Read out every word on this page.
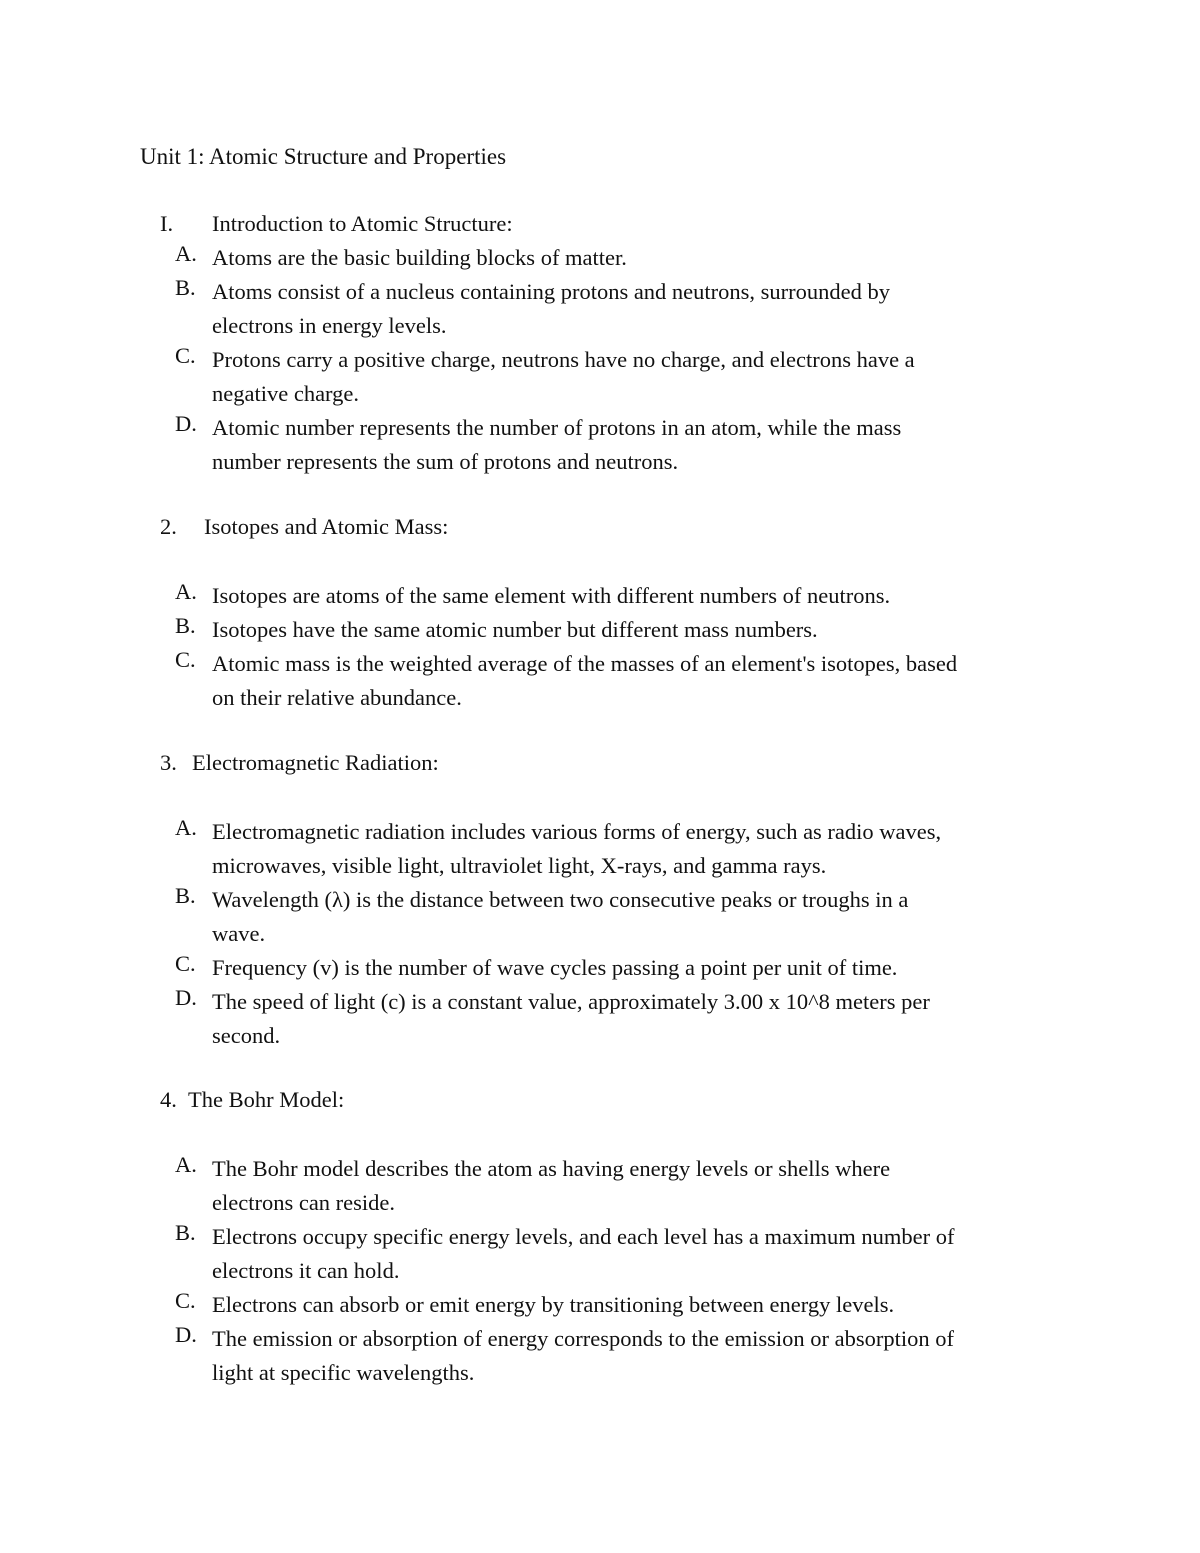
Unit 1: Atomic Structure and Properties
I. Introduction to Atomic Structure:
A. Atoms are the basic building blocks of matter.
B. Atoms consist of a nucleus containing protons and neutrons, surrounded by
electrons in energy levels.
C. Protons carry a positive charge, neutrons have no charge, and electrons have a
negative charge.
D. Atomic number represents the number of protons in an atom, while the mass
number represents the sum of protons and neutrons.
2. Isotopes and Atomic Mass:
A. Isotopes are atoms of the same element with different numbers of neutrons.
B. Isotopes have the same atomic number but different mass numbers.
C. Atomic mass is the weighted average of the masses of an element's isotopes, based
on their relative abundance.
3. Electromagnetic Radiation:
A. Electromagnetic radiation includes various forms of energy, such as radio waves,
microwaves, visible light, ultraviolet light, X-rays, and gamma rays.
B. Wavelength (λ) is the distance between two consecutive peaks or troughs in a
wave.
C. Frequency (v) is the number of wave cycles passing a point per unit of time.
D. The speed of light (c) is a constant value, approximately 3.00 x 10^8 meters per
second.
4. The Bohr Model:
A. The Bohr model describes the atom as having energy levels or shells where
electrons can reside.
B. Electrons occupy specific energy levels, and each level has a maximum number of
electrons it can hold.
C. Electrons can absorb or emit energy by transitioning between energy levels.
D. The emission or absorption of energy corresponds to the emission or absorption of
light at specific wavelengths.
